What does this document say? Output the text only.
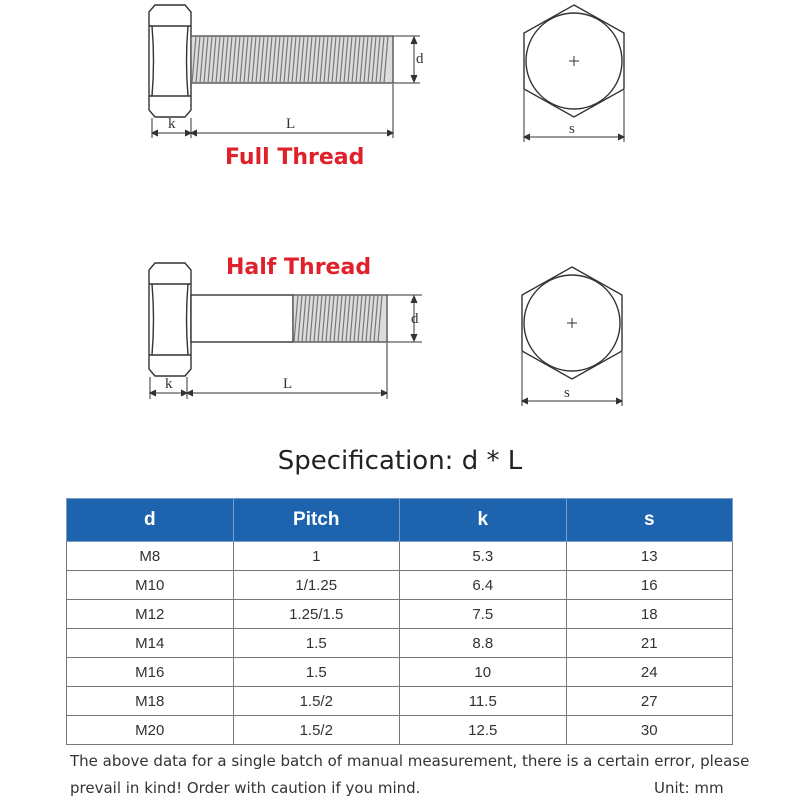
d
k	L	s
Full Thread
Half Thread
d
k	L
s
Specification: d * L
d	Pitch	k	s
M8	1	5.3	13
M10	1/1.25	6.4	16
M12	1.25/1.5	7.5	18
M14	1.5	8.8	21
M16	1.5	10	24
M18	1.5/2	11.5	27
M20	1.5/2	12.5	30
The above data for a single batch of manual measurement, there is a certain error, please
prevail in kind! Order with caution if you mind.	Unit: mm
